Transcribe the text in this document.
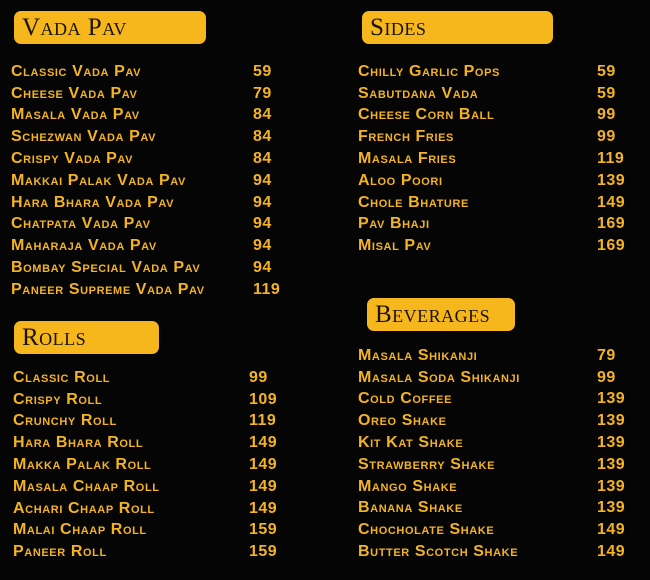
Vada Pav
Classic Vada Pav	59
Cheese Vada Pav	79
Masala Vada Pav	84
Schezwan Vada Pav	84
Crispy Vada Pav	84
Makkai Palak Vada Pav	94
Hara Bhara Vada Pav	94
Chatpata Vada Pav	94
Maharaja Vada Pav	94
Bombay Special Vada Pav	94
Paneer Supreme Vada Pav	119
Rolls
Classic Roll	99
Crispy Roll	109
Crunchy Roll	119
Hara Bhara Roll	149
Makka Palak Roll	149
Masala Chaap Roll	149
Achari Chaap Roll	149
Malai Chaap Roll	159
Paneer Roll	159
Sides
Chilly Garlic Pops	59
Sabutdana Vada	59
Cheese Corn Ball	99
French Fries	99
Masala Fries	119
Aloo Poori	139
Chole Bhature	149
Pav Bhaji	169
Misal Pav	169
Beverages
Masala Shikanji	79
Masala Soda Shikanji	99
Cold Coffee	139
Oreo Shake	139
Kit Kat Shake	139
Strawberry Shake	139
Mango Shake	139
Banana Shake	139
Chocholate Shake	149
Butter Scotch Shake	149
